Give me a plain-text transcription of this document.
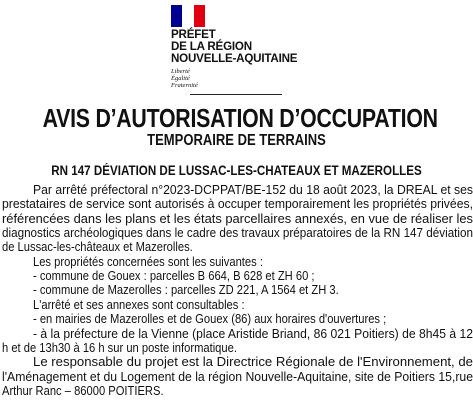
PRÉFET
DE LA RÉGION
NOUVELLE-AQUITAINE
Liberté
Égalité
Fraternité
AVIS D’AUTORISATION D’OCCUPATION
TEMPORAIRE DE TERRAINS
RN 147 DÉVIATION DE LUSSAC-LES-CHATEAUX ET MAZEROLLES
Par arrêté préfectoral n°2023-DCPPAT/BE-152 du 18 août 2023, la DREAL et ses
prestataires de service sont autorisés à occuper temporairement les propriétés privées,
référencées dans les plans et les états parcellaires annexés, en vue de réaliser les
diagnostics archéologiques dans le cadre des travaux préparatoires de la RN 147 déviation
de Lussac-les-châteaux et Mazerolles.
Les propriétés concernées sont les suivantes :
- commune de Gouex : parcelles B 664, B 628 et ZH 60 ;
- commune de Mazerolles : parcelles ZD 221, A 1564 et ZH 3.
L'arrêté et ses annexes sont consultables :
- en mairies de Mazerolles et de Gouex (86) aux horaires d'ouvertures ;
- à la préfecture de la Vienne (place Aristide Briand, 86 021 Poitiers) de 8h45 à 12
h et de 13h30 à 16 h sur un poste informatique.
Le responsable du projet est la Directrice Régionale de l'Environnement, de
l'Aménagement et du Logement de la région Nouvelle-Aquitaine, site de Poitiers 15,rue
Arthur Ranc – 86000 POITIERS.
